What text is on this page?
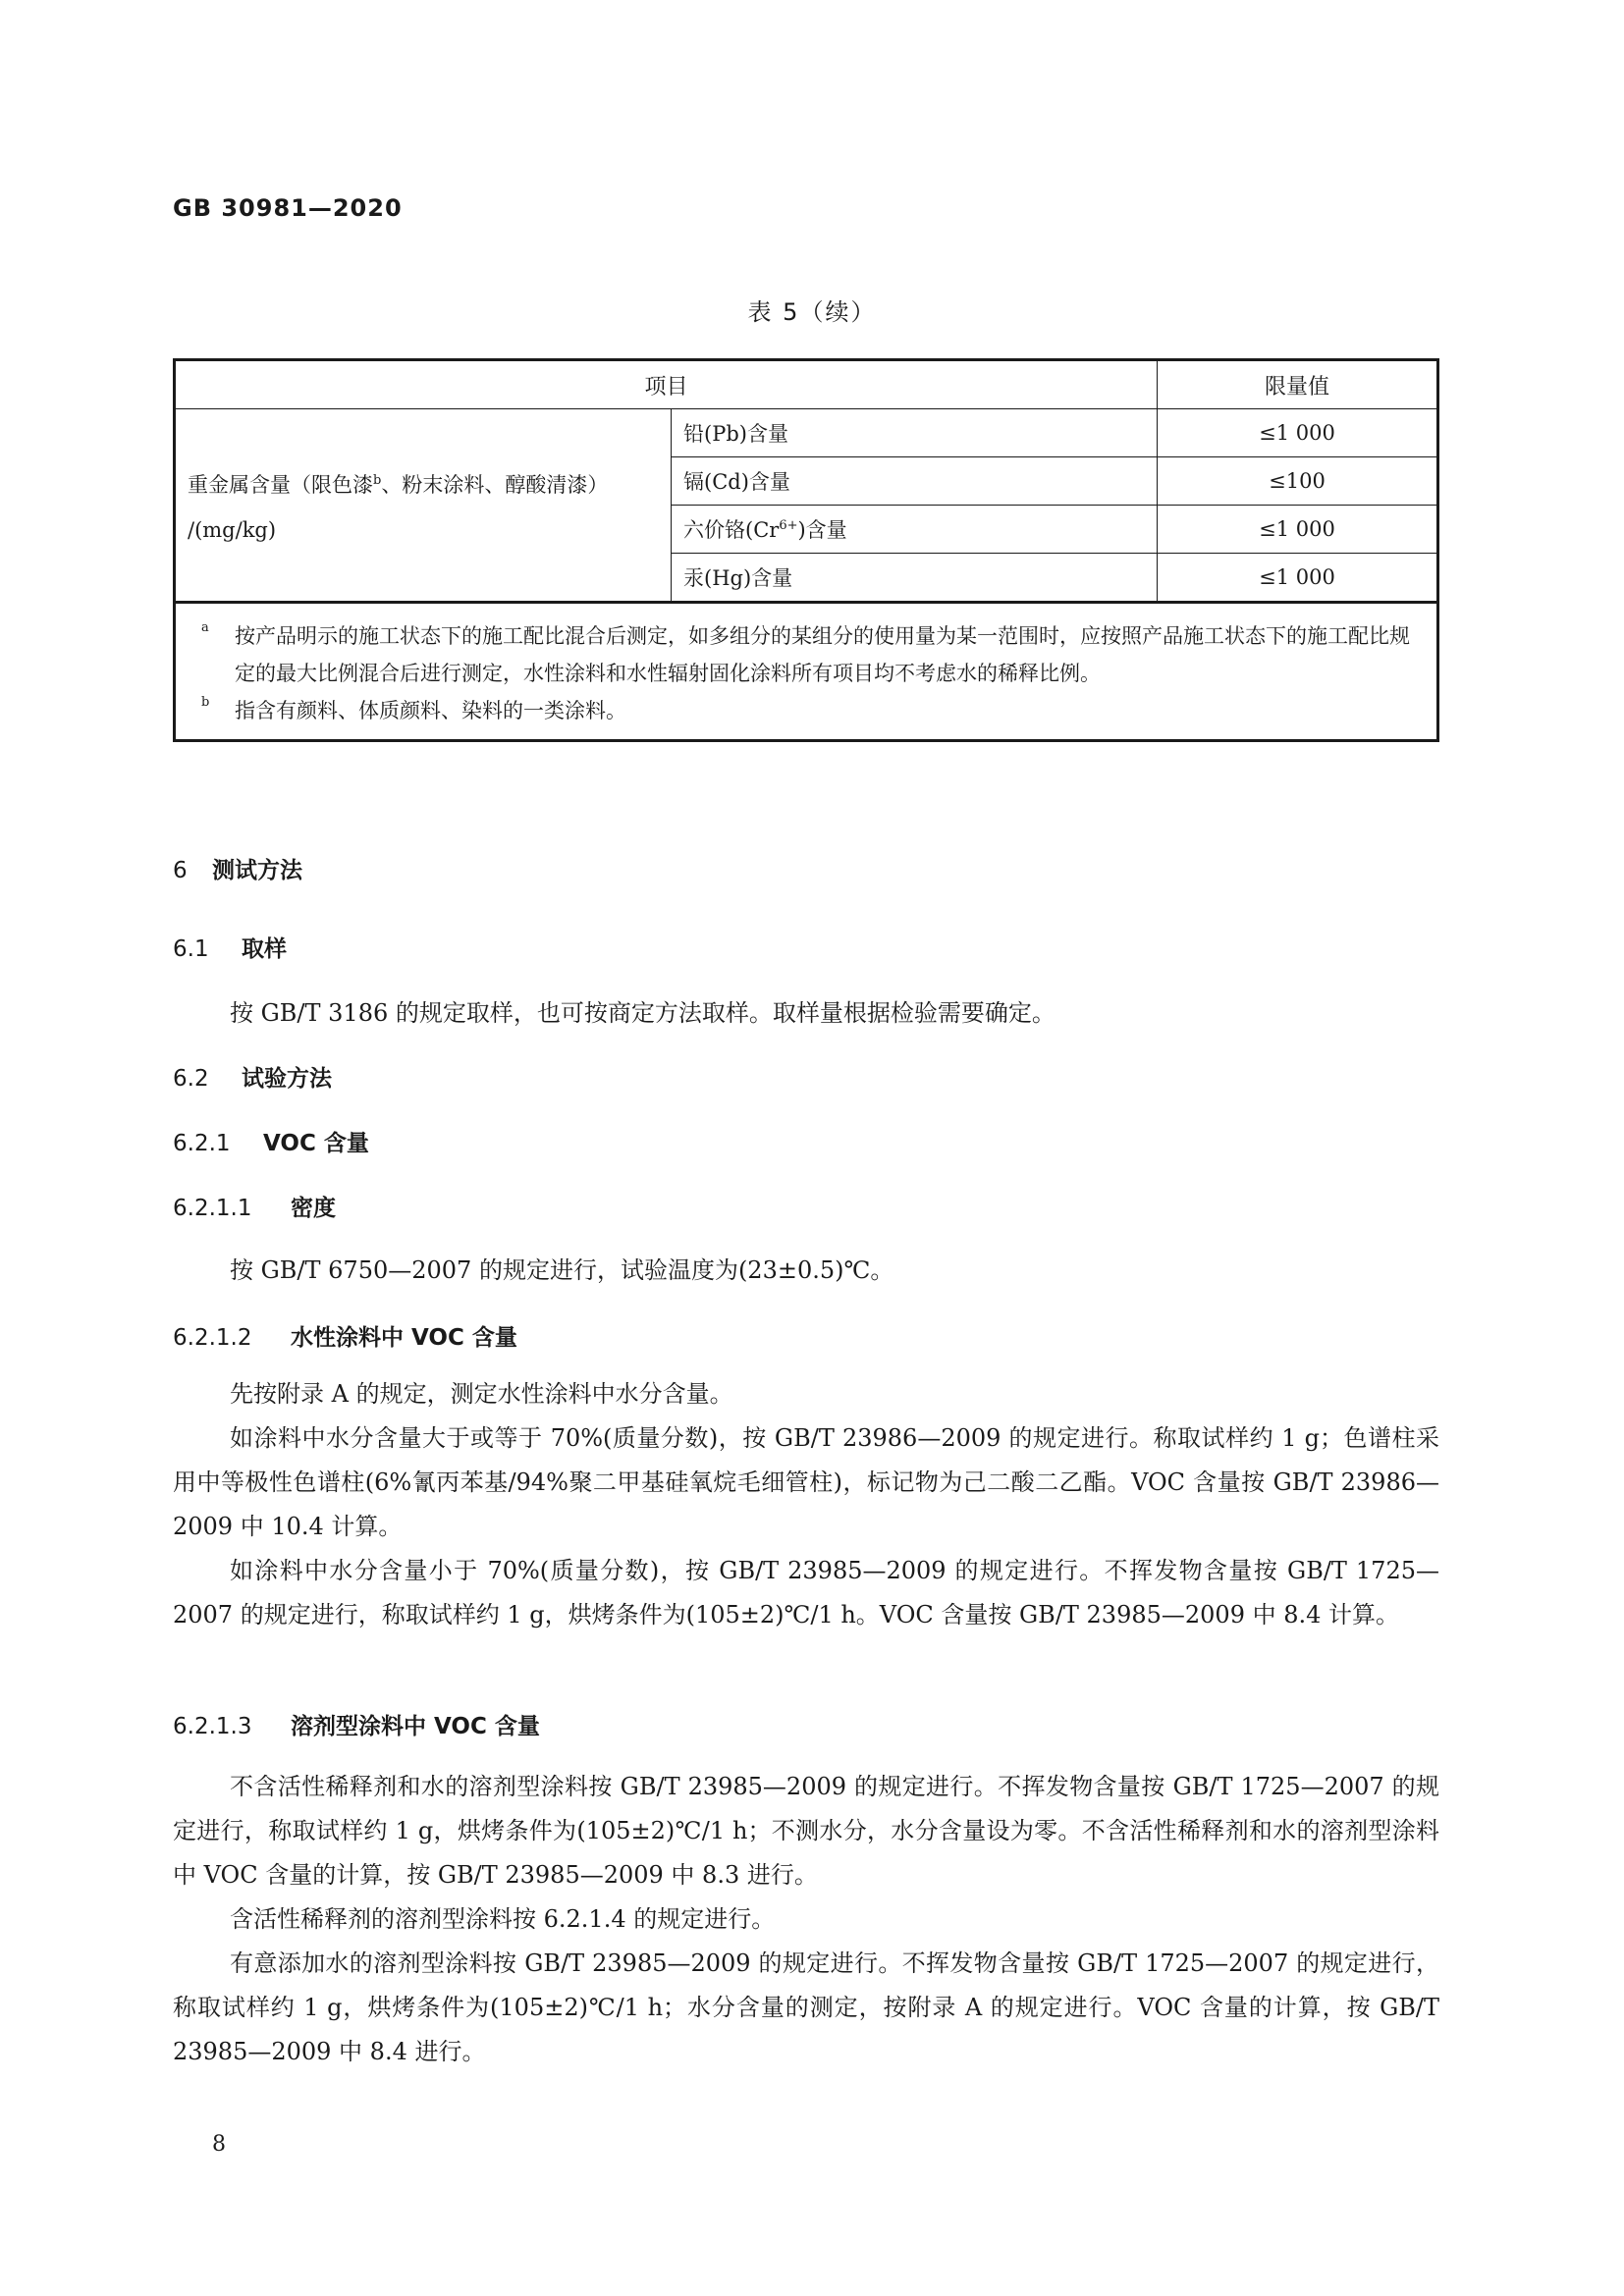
GB 30981—2020
表 5（续）
项目		限量值
重金属含量（限色漆$^b$、粉末涂料、醇酸清漆）
/(mg/kg)	铅(Pb)含量	≤1 000
	镉(Cd)含量	≤100
	六价铬$(Cr^{6+})$含量	≤1 000
	汞(Hg)含量	≤1 000

a 按产品明示的施工状态下的施工配比混合后测定，如多组分的某组分的使用量为某一范围时，应按照产品施工状态下的施工配比规定的最大比例混合后进行测定，水性涂料和水性辐射固化涂料所有项目均不考虑水的稀释比例。
b 指含有颜料、体质颜料、染料的一类涂料。		
6 测试方法
6.1 取样
按 GB/T 3186 的规定取样，也可按商定方法取样。取样量根据检验需要确定。
6.2 试验方法
6.2.1 VOC 含量
6.2.1.1 密度
按 GB/T 6750—2007 的规定进行，试验温度为(23±0.5)℃。
6.2.1.2 水性涂料中 VOC 含量
先按附录 A 的规定，测定水性涂料中水分含量。
如涂料中水分含量大于或等于 70%(质量分数)，按 GB/T 23986—2009 的规定进行。称取试样约 1 g；色谱柱采用中等极性色谱柱(6%氰丙苯基/94%聚二甲基硅氧烷毛细管柱)，标记物为己二酸二乙酯。VOC 含量按 GB/T 23986—2009 中 10.4 计算。
如涂料中水分含量小于 70%(质量分数)，按 GB/T 23985—2009 的规定进行。不挥发物含量按 GB/T 1725—2007 的规定进行，称取试样约 1 g，烘烤条件为(105±2)℃/1 h。VOC 含量按 GB/T 23985—2009 中 8.4 计算。
6.2.1.3 溶剂型涂料中 VOC 含量
不含活性稀释剂和水的溶剂型涂料按 GB/T 23985—2009 的规定进行。不挥发物含量按 GB/T 1725—2007 的规定进行，称取试样约 1 g，烘烤条件为(105±2)℃/1 h；不测水分，水分含量设为零。不含活性稀释剂和水的溶剂型涂料中 VOC 含量的计算，按 GB/T 23985—2009 中 8.3 进行。
含活性稀释剂的溶剂型涂料按 6.2.1.4 的规定进行。
有意添加水的溶剂型涂料按 GB/T 23985—2009 的规定进行。不挥发物含量按 GB/T 1725—2007 的规定进行，称取试样约 1 g，烘烤条件为(105±2)℃/1 h；水分含量的测定，按附录 A 的规定进行。VOC 含量的计算，按 GB/T 23985—2009 中 8.4 进行。
8
